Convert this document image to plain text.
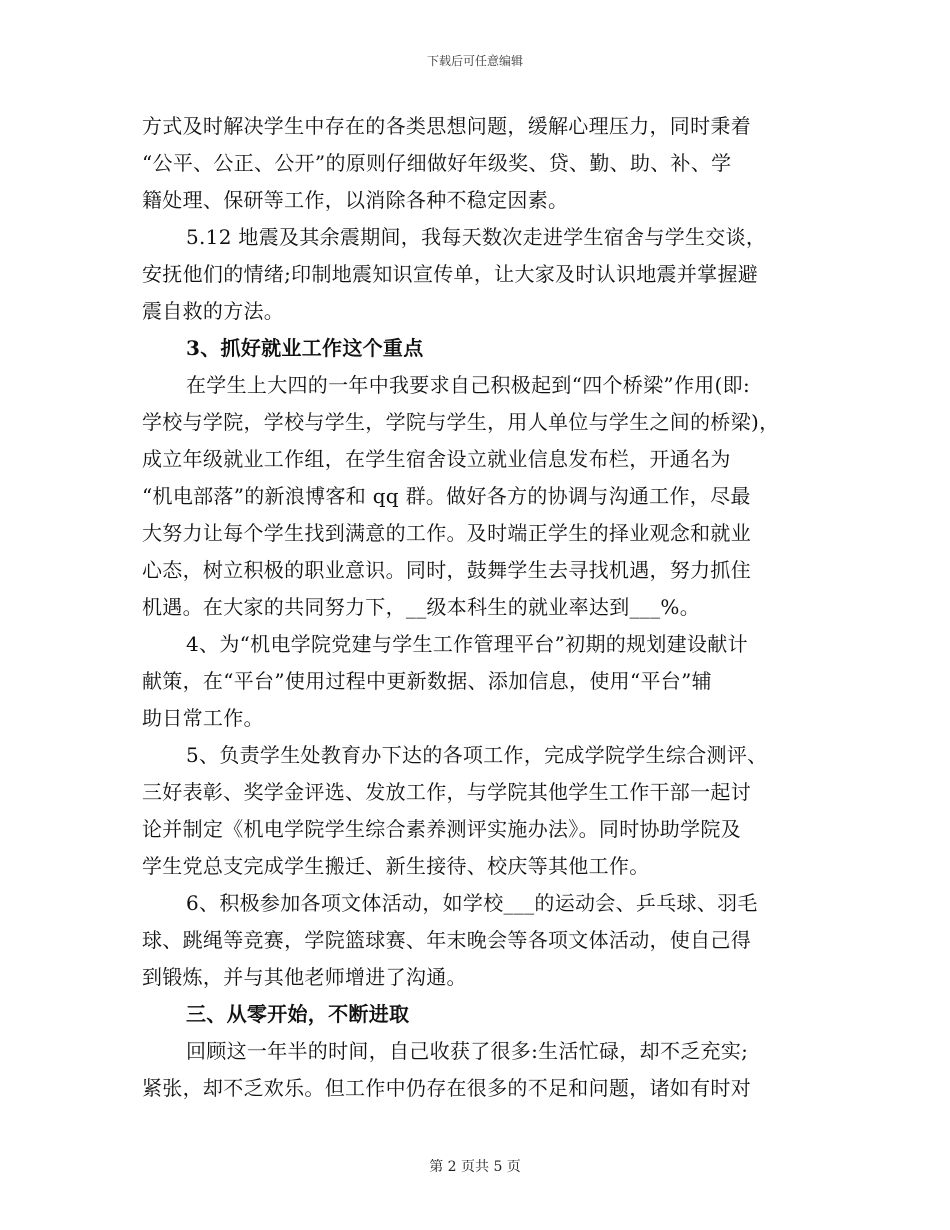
下载后可任意编辑
方式及时解决学生中存在的各类思想问题，缓解心理压力，同时秉着
“公平、公正、公开”的原则仔细做好年级奖、贷、勤、助、补、学
籍处理、保研等工作，以消除各种不稳定因素。
5.12 地震及其余震期间，我每天数次走进学生宿舍与学生交谈，
安抚他们的情绪;印制地震知识宣传单，让大家及时认识地震并掌握避
震自救的方法。
3、抓好就业工作这个重点
在学生上大四的一年中我要求自己积极起到“四个桥梁”作用(即:
学校与学院，学校与学生，学院与学生，用人单位与学生之间的桥梁)，
成立年级就业工作组，在学生宿舍设立就业信息发布栏，开通名为
“机电部落”的新浪博客和 qq 群。做好各方的协调与沟通工作，尽最
大努力让每个学生找到满意的工作。及时端正学生的择业观念和就业
心态，树立积极的职业意识。同时，鼓舞学生去寻找机遇，努力抓住
机遇。在大家的共同努力下，__级本科生的就业率达到___%。
4、为“机电学院党建与学生工作管理平台”初期的规划建设献计
献策，在“平台”使用过程中更新数据、添加信息，使用“平台”辅
助日常工作。
5、负责学生处教育办下达的各项工作，完成学院学生综合测评、
三好表彰、奖学金评选、发放工作，与学院其他学生工作干部一起讨
论并制定《机电学院学生综合素养测评实施办法》。同时协助学院及
学生党总支完成学生搬迁、新生接待、校庆等其他工作。
6、积极参加各项文体活动，如学校___的运动会、乒乓球、羽毛
球、跳绳等竞赛，学院篮球赛、年末晚会等各项文体活动，使自己得
到锻炼，并与其他老师增进了沟通。
三、从零开始，不断进取
回顾这一年半的时间，自己收获了很多:生活忙碌，却不乏充实;
紧张，却不乏欢乐。但工作中仍存在很多的不足和问题，诸如有时对
第 2 页共 5 页
